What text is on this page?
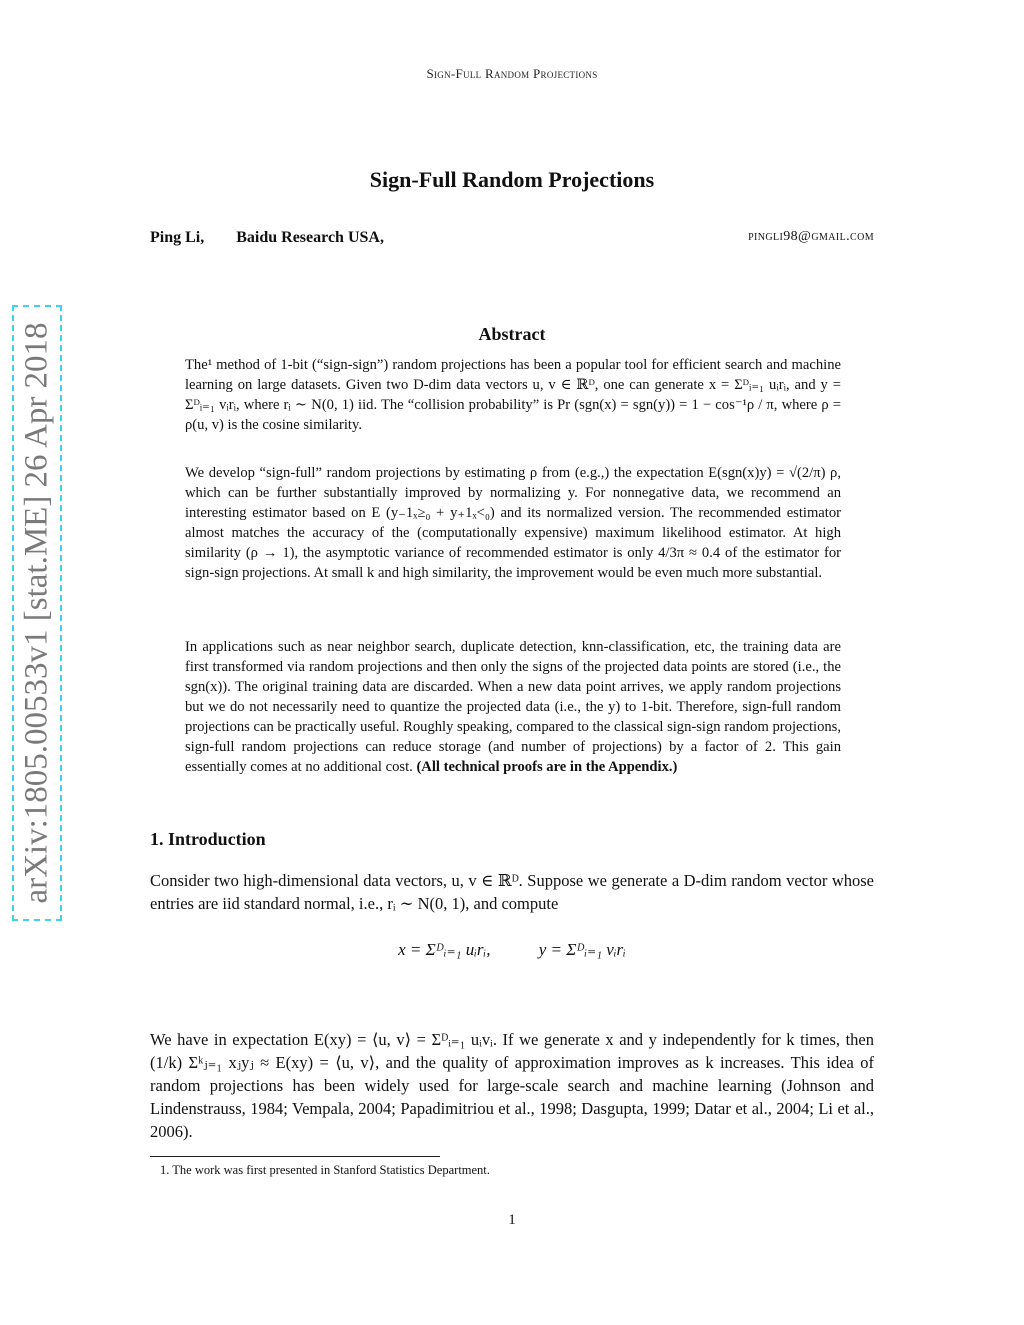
Sign-Full Random Projections
Sign-Full Random Projections
Ping Li, Baidu Research USA,	pingli98@gmail.com
arXiv:1805.00533v1 [stat.ME] 26 Apr 2018	Abstract
The¹ method of 1-bit (“sign-sign”) random projections has been a popular tool for efficient search and machine learning on large datasets. Given two D-dim data vectors u, v ∈ ℝᴰ, one can generate x = Σᴰᵢ₌₁ uᵢrᵢ, and y = Σᴰᵢ₌₁ vᵢrᵢ, where rᵢ ∼ N(0, 1) iid. The “collision probability” is Pr (sgn(x) = sgn(y)) = 1 − cos⁻¹ρ / π, where ρ = ρ(u, v) is the cosine similarity.
We develop “sign-full” random projections by estimating ρ from (e.g.,) the expectation E(sgn(x)y) = √(2/π) ρ, which can be further substantially improved by normalizing y. For nonnegative data, we recommend an interesting estimator based on E (y₋1ₓ≥₀ + y₊1ₓ<₀) and its normalized version. The recommended estimator almost matches the accuracy of the (computationally expensive) maximum likelihood estimator. At high similarity (ρ → 1), the asymptotic variance of recommended estimator is only 4/3π ≈ 0.4 of the estimator for sign-sign projections. At small k and high similarity, the improvement would be even much more substantial.
In applications such as near neighbor search, duplicate detection, knn-classification, etc, the training data are first transformed via random projections and then only the signs of the projected data points are stored (i.e., the sgn(x)). The original training data are discarded. When a new data point arrives, we apply random projections but we do not necessarily need to quantize the projected data (i.e., the y) to 1-bit. Therefore, sign-full random projections can be practically useful. Roughly speaking, compared to the classical sign-sign random projections, sign-full random projections can reduce storage (and number of projections) by a factor of 2. This gain essentially comes at no additional cost. (All technical proofs are in the Appendix.)
1. Introduction
Consider two high-dimensional data vectors, u, v ∈ ℝᴰ. Suppose we generate a D-dim random vector whose entries are iid standard normal, i.e., rᵢ ∼ N(0, 1), and compute
x = Σᴰᵢ₌₁ uᵢrᵢ,	y = Σᴰᵢ₌₁ vᵢrᵢ
We have in expectation E(xy) = ⟨u, v⟩ = Σᴰᵢ₌₁ uᵢvᵢ. If we generate x and y independently for k times, then (1/k) Σᵏⱼ₌₁ xⱼyⱼ ≈ E(xy) = ⟨u, v⟩, and the quality of approximation improves as k increases. This idea of random projections has been widely used for large-scale search and machine learning (Johnson and Lindenstrauss, 1984; Vempala, 2004; Papadimitriou et al., 1998; Dasgupta, 1999; Datar et al., 2004; Li et al., 2006).
1. The work was first presented in Stanford Statistics Department.
1
